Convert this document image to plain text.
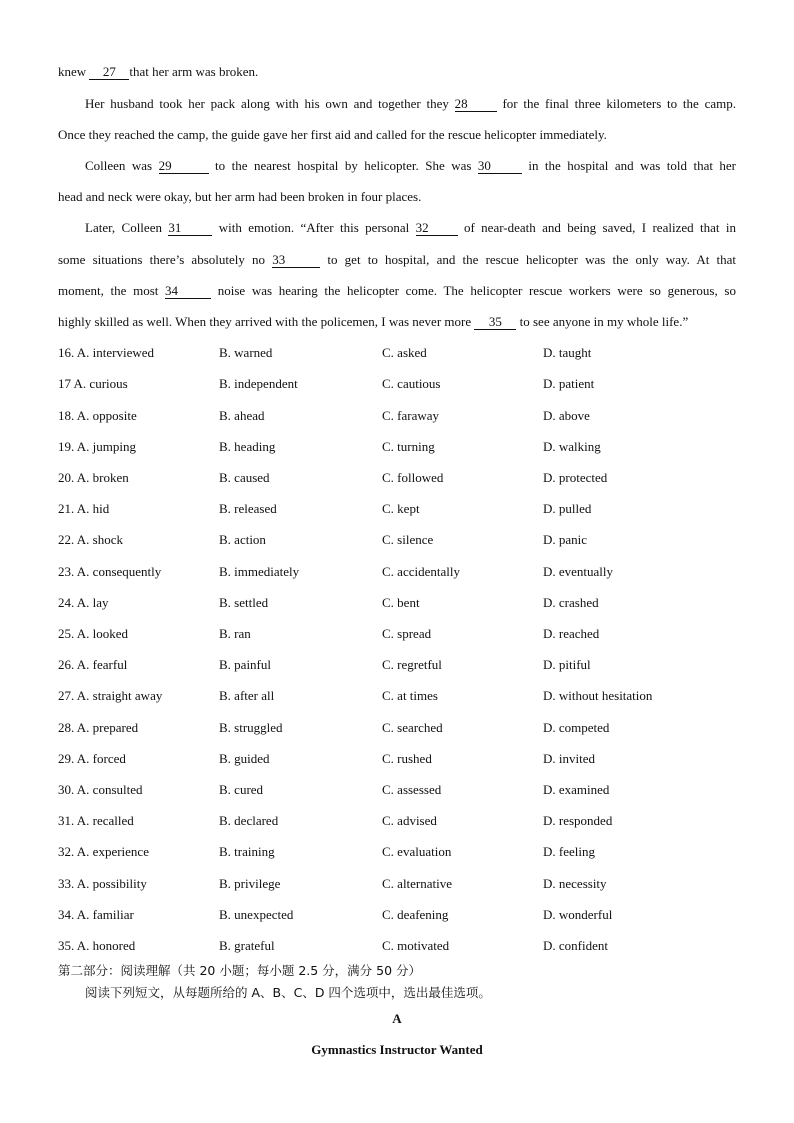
knew 27 that her arm was broken.
Her husband took her pack along with his own and together they 28 for the final three kilometers to the camp.
Once they reached the camp, the guide gave her first aid and called for the rescue helicopter immediately.
Colleen was 29	to the nearest hospital by helicopter. She was 30 in the hospital and was told that her
head and neck were okay, but her arm had been broken in four places.
Later, Colleen 31 with emotion. “After this personal 32 of near-death and being saved, I realized that in
some situations there’s absolutely no 33	to get to hospital, and the rescue helicopter was the only way. At that
moment, the most 34	noise was hearing the helicopter come. The helicopter rescue workers were so generous, so
highly skilled as well. When they arrived with the policemen, I was never more 35 to see anyone in my whole life.”
16. A. interviewed	B. warned	C. asked	D. taught
17 A. curious	B. independent	C. cautious	D. patient
18. A. opposite	B. ahead	C. faraway	D. above
19. A. jumping	B. heading	C. turning	D. walking
20. A. broken	B. caused	C. followed	D. protected
21. A. hid	B. released	C. kept	D. pulled
22. A. shock	B. action	C. silence	D. panic
23. A. consequently	B. immediately	C. accidentally	D. eventually
24. A. lay	B. settled	C. bent	D. crashed
25. A. looked	B. ran	C. spread	D. reached
26. A. fearful	B. painful	C. regretful	D. pitiful
27. A. straight away	B. after all	C. at times	D. without hesitation
28. A. prepared	B. struggled	C. searched	D. competed
29. A. forced	B. guided	C. rushed	D. invited
30. A. consulted	B. cured	C. assessed	D. examined
31. A. recalled	B. declared	C. advised	D. responded
32. A. experience	B. training	C. evaluation	D. feeling
33. A. possibility	B. privilege	C. alternative	D. necessity
34. A. familiar	B. unexpected	C. deafening	D. wonderful
35. A. honored	B. grateful	C. motivated	D. confident
第二部分：阅读理解（共 20 小题；每小题 2.5 分，满分 50 分）
阅读下列短文，从每题所给的 A、B、C、D 四个选项中，选出最佳选项。
A
Gymnastics Instructor Wanted
